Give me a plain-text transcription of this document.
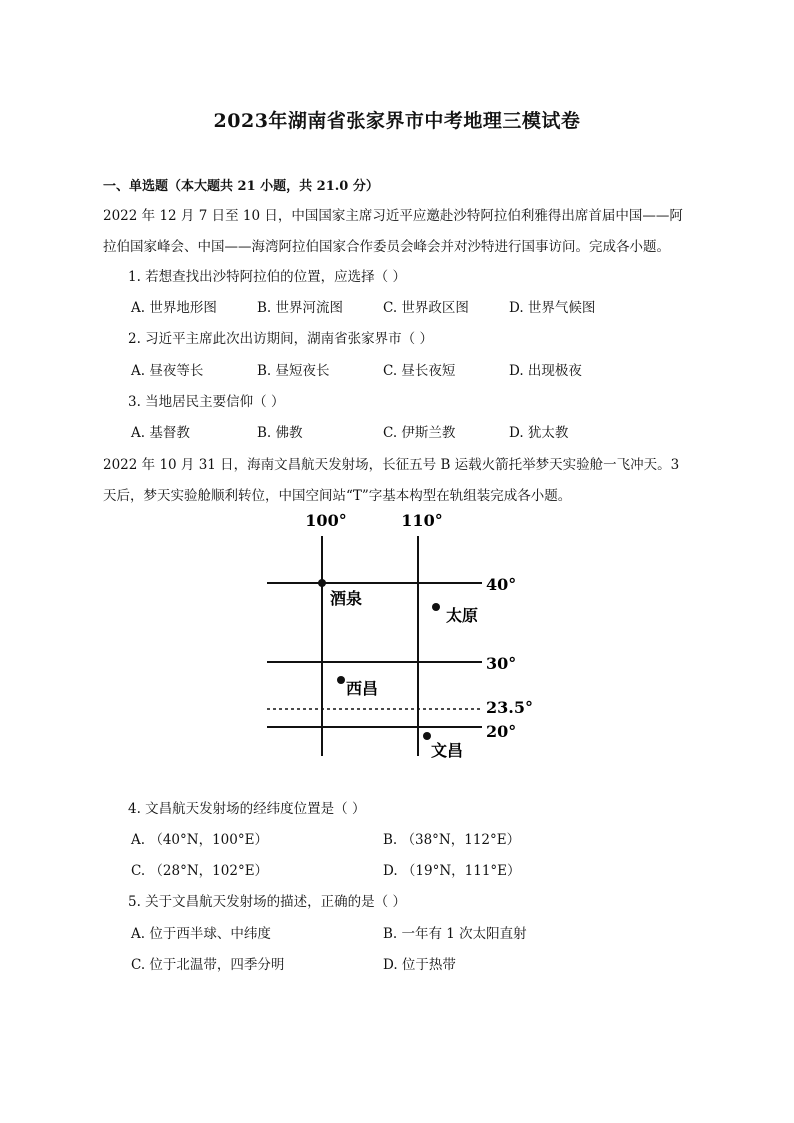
2023年湖南省张家界市中考地理三模试卷
一、单选题（本大题共 21 小题，共 21.0 分）
2022 年 12 月 7 日至 10 日，中国国家主席习近平应邀赴沙特阿拉伯利雅得出席首届中国——阿拉伯国家峰会、中国——海湾阿拉伯国家合作委员会峰会并对沙特进行国事访问。完成各小题。
1. 若想查找出沙特阿拉伯的位置，应选择（ ）
A. 世界地形图	B. 世界河流图	C. 世界政区图	D. 世界气候图
2. 习近平主席此次出访期间，湖南省张家界市（ ）
A. 昼夜等长	B. 昼短夜长	C. 昼长夜短	D. 出现极夜
3. 当地居民主要信仰（ ）
A. 基督教	B. 佛教	C. 伊斯兰教	D. 犹太教
2022 年 10 月 31 日，海南文昌航天发射场，长征五号 B 运载火箭托举梦天实验舱一飞冲天。3 天后，梦天实验舱顺利转位，中国空间站“T”字基本构型在轨组装完成各小题。
100°	110°
40°
30°
23.5°
20°
酒泉
太原
西昌
文昌
4. 文昌航天发射场的经纬度位置是（ ）
A. （40°N，100°E）	B. （38°N，112°E）
C. （28°N，102°E）	D. （19°N，111°E）
5. 关于文昌航天发射场的描述，正确的是（ ）
A. 位于西半球、中纬度	B. 一年有 1 次太阳直射
C. 位于北温带，四季分明	D. 位于热带
